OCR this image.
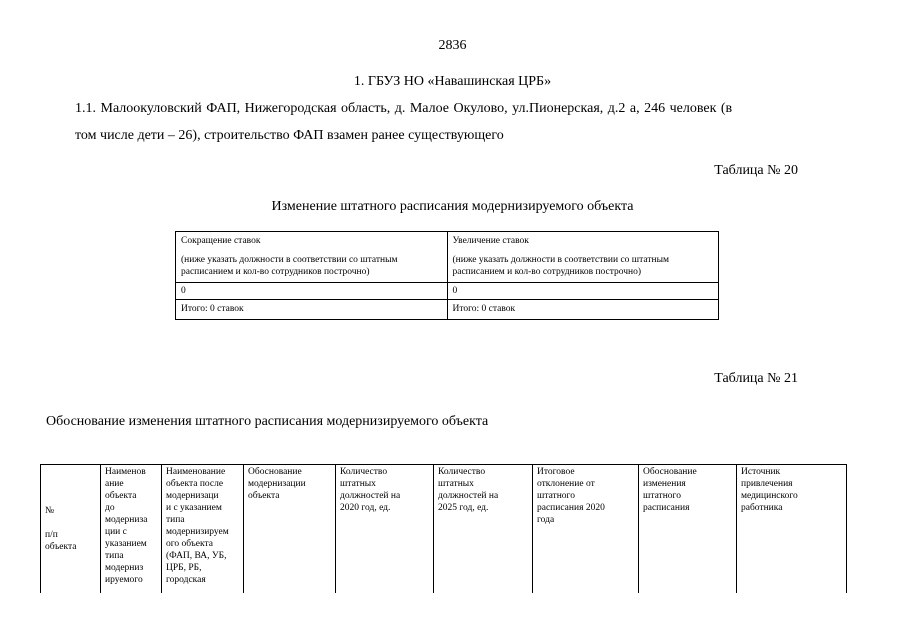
2836
1. ГБУЗ НО «Навашинская ЦРБ»
1.1. Малоокуловский ФАП, Нижегородская область, д. Малое Окулово, ул.Пионерская, д.2 а, 246 человек (в
том числе дети – 26), строительство ФАП взамен ранее существующего
Таблица № 20
Изменение штатного расписания модернизируемого объекта
Сокращение ставок
(ниже указать должности в соответствии со штатным расписанием и кол-во сотрудников построчно)	Увеличение ставок
(ниже указать должности в соответствии со штатным расписанием и кол-во сотрудников построчно)

0	0
Итого: 0 ставок	Итого: 0 ставок
Таблица № 21
Обоснование изменения штатного расписания модернизируемого объекта
№

п/п
объекта	Наименов
ание
объекта
до
модерниза
ции с
указанием
типа
модерниз
ируемого	Наименование
объекта после
модернизаци
и с указанием
типа
модернизируем
ого объекта
(ФАП, ВА, УБ,
ЦРБ, РБ,
городская	Обоснование
модернизации
объекта	Количество
штатных
должностей на
2020 год, ед.	Количество
штатных
должностей на
2025 год, ед.	Итоговое
отклонение от
штатного
расписания 2020
года	Обоснование
изменения
штатного
расписания	Источник
привлечения
медицинского
работника
